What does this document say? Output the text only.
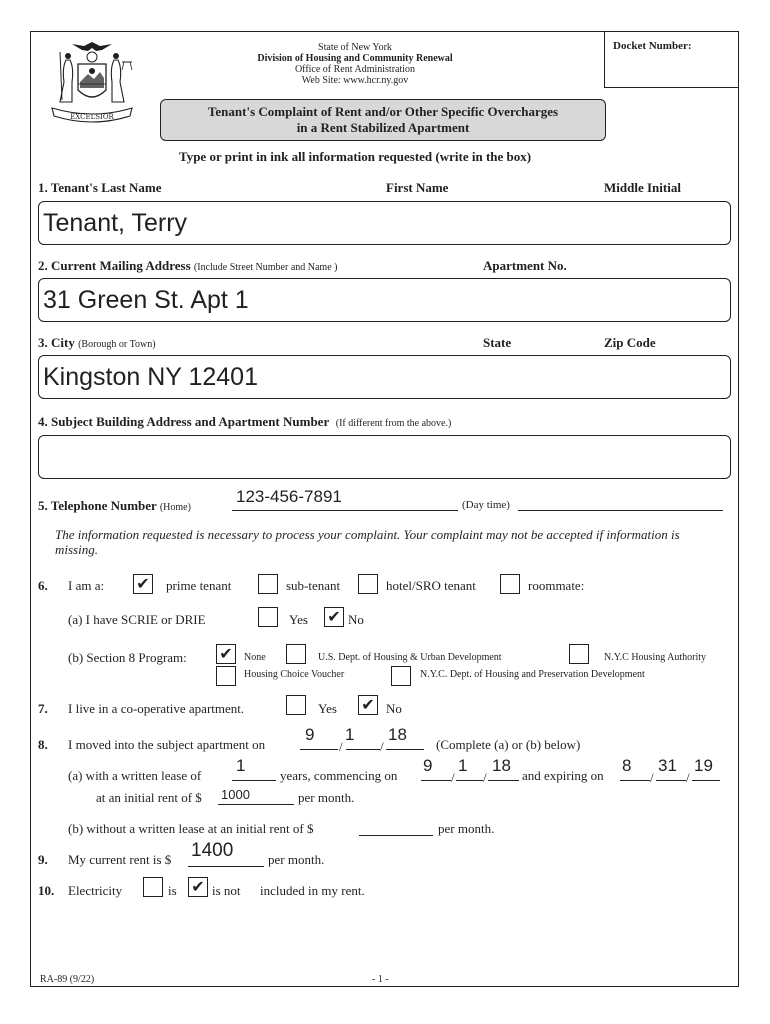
Docket Number:
EXCELSIOR
State of New York
Division of Housing and Community Renewal
Office of Rent Administration
Web Site: www.hcr.ny.gov
Tenant's Complaint of Rent and/or Other Specific Overcharges
in a Rent Stabilized Apartment
Type or print in ink all information requested (write in the box)
1. Tenant's Last Name	First Name	Middle Initial
Tenant, Terry
2. Current Mailing Address (Include Street Number and Name )	Apartment No.
31 Green St. Apt 1
3. City (Borough or Town)	State	Zip Code
Kingston NY 12401
4. Subject Building Address and Apartment Number (If different from the above.)
5. Telephone Number (Home)
123-456-7891	(Day time)
The information requested is necessary to process your complaint. Your complaint may not be accepted if information is missing.
6. I am a: ✔ prime tenant	sub-tenant	hotel/SRO tenant	roommate:
(a) I have SCRIE or DRIE	Yes ✔ No
(b) Section 8 Program: ✔	None	U.S. Dept. of Housing & Urban Development	N.Y.C Housing Authority
Housing Choice Voucher	N.Y.C. Dept. of Housing and Preservation Development
7. I live in a co-operative apartment.	Yes ✔ No
8. I moved into the subject apartment on
9
/
1
/
18
(Complete (a) or (b) below)
(a) with a written lease of
1
years, commencing on
9
/
1
/
18
and expiring on
8
/
31
/
19
at an initial rent of $ 1000	per month.
(b) without a written lease at an initial rent of $	per month.
9. My current rent is $ 1400	per month.
10. Electricity	is ✔ is not included in my rent.
RA-89 (9/22)	- 1 -
